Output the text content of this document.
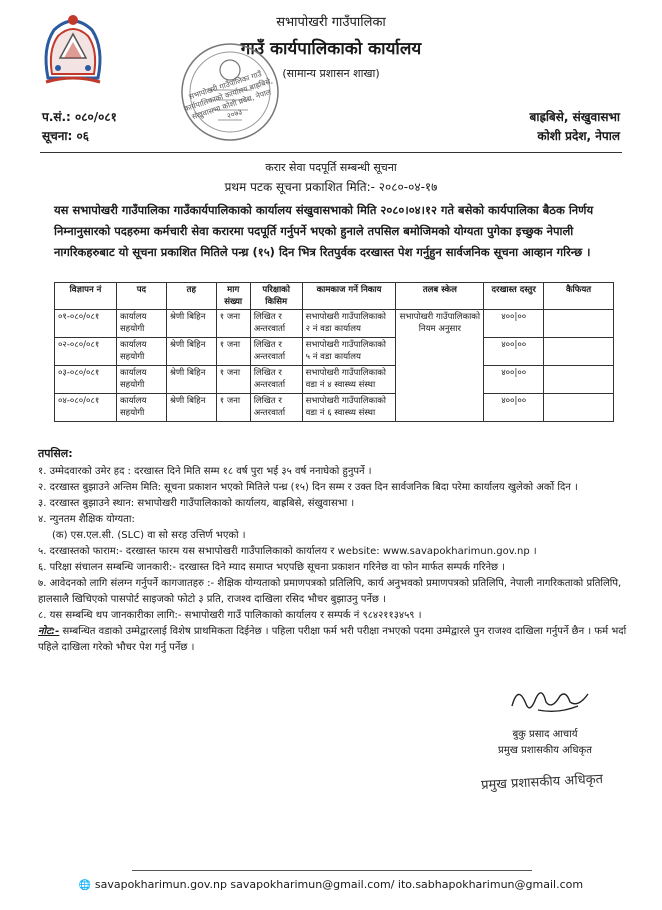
सभापोखरी गाउँपालिका
गाउँ कार्यपालिकाको कार्यालय
(सामान्य प्रशासन शाखा)
सभापोखरी गाउँपालिका गाउँ कार्यपालिकाको कार्यालय बाह्रबिसे, संखुवासभा कोशी प्रदेश, नेपाल २०७३
प.सं.: ०८०/०८१
सूचना: ०६
बाह्रबिसे, संखुवासभा
कोशी प्रदेश, नेपाल
करार सेवा पदपूर्ति सम्बन्धी सूचना
प्रथम पटक सूचना प्रकाशित मिति:- २०८०-०४-१७
यस सभापोखरी गाउँपालिका गाउँकार्यपालिकाको कार्यालय संखुवासभाको मिति २०८०।०४।१२ गते बसेको कार्यपालिका बैठक निर्णय निम्नानुसारको पदहरुमा कर्मचारी सेवा करारमा पदपूर्ति गर्नुपर्ने भएको हुनाले तपसिल बमोजिमको योग्यता पुगेका इच्छुक नेपाली नागरिकहरुबाट यो सूचना प्रकाशित मितिले पन्ध्र (१५) दिन भित्र रितपुर्वक दरखास्त पेश गर्नुहुन सार्वजनिक सूचना आव्हान गरिन्छ ।
विज्ञापन नं	पद	तह	माग संख्या	परिक्षाको किसिम	कामकाज गर्ने निकाय	तलब स्केल	दरखास्त दस्तुर	कैफियत
०१-०८०/०८१	कार्यालय सहयोगी	श्रेणी बिहिन	१ जना	लिखित र अन्तरवार्ता	सभापोखरी गाउँपालिकाको २ नं वडा कार्यालय	सभापोखरी गाउँपालिकाको नियम अनुसार	४००|००	
०२-०८०/०८१	कार्यालय सहयोगी	श्रेणी बिहिन	१ जना	लिखित र अन्तरवार्ता	सभापोखरी गाउँपालिकाको ५ नं वडा कार्यालय		४००|००	
०३-०८०/०८१	कार्यालय सहयोगी	श्रेणी बिहिन	१ जना	लिखित र अन्तरवार्ता	सभापोखरी गाउँपालिकाको वडा नं ४ स्वास्थ्य संस्था		४००|००	
०४-०८०/०८१	कार्यालय सहयोगी	श्रेणी बिहिन	१ जना	लिखित र अन्तरवार्ता	सभापोखरी गाउँपालिकाको वडा नं ६ स्वास्थ्य संस्था		४००|००	
तपसिल:
१. उम्मेदवारको उमेर हद : दरखास्त दिने मिति सम्म १८ वर्ष पुरा भई ३५ वर्ष ननाघेको हुनुपर्ने ।
२. दरखास्त बुझाउने अन्तिम मिति: सूचना प्रकाशन भएको मितिले पन्ध्र (१५) दिन सम्म र उक्त दिन सार्वजनिक बिदा परेमा कार्यालय खुलेको अर्को दिन ।
३. दरखास्त बुझाउने स्थान: सभापोखरी गाउँपालिकाको कार्यालय, बाह्रबिसे, संखुवासभा ।
४. न्युनतम शैक्षिक योग्यता:
(क) एस.एल.सी. (SLC) वा सो सरह उत्तिर्ण भएको ।
५. दरखास्तको फाराम:- दरखास्त फारम यस सभापोखरी गाउँपालिकाको कार्यालय र website: www.savapokharimun.gov.np ।
६. परिक्षा संचालन सम्बन्धि जानकारी:- दरखास्त दिने म्याद समाप्त भएपछि सूचना प्रकाशन गरिनेछ वा फोन मार्फत सम्पर्क गरिनेछ ।
७. आवेदनको लागि संलग्न गर्नुपर्ने कागजातहरु :- शैक्षिक योग्यताको प्रमाणपत्रको प्रतिलिपि, कार्य अनुभवको प्रमाणपत्रको प्रतिलिपि, नेपाली नागरिकताको प्रतिलिपि, हालसालै खिचिएको पासपोर्ट साइजको फोटो ३ प्रति, राजश्व दाखिला रसिद भौचर बुझाउनु पर्नेछ ।
८. यस सम्बन्धि थप जानकारीका लागि:- सभापोखरी गाउँ पालिकाको कार्यालय र सम्पर्क नं ९८४२११३४५९ ।
नोट:- सम्बन्धित वडाको उम्मेद्वारलाई विशेष प्राथमिकता दिईनेछ । पहिला परीक्षा फर्म भरी परीक्षा नभएको पदमा उम्मेद्वारले पुन राजश्व दाखिला गर्नुपर्ने छैन । फर्म भर्दा पहिले दाखिला गरेको भौचर पेश गर्नु पर्नेछ ।
बुकु प्रसाद आचार्य
प्रमुख प्रशासकीय अधिकृत
प्रमुख प्रशासकीय अधिकृत
🌐 savapokharimun.gov.np savapokharimun@gmail.com/ ito.sabhapokharimun@gmail.com
